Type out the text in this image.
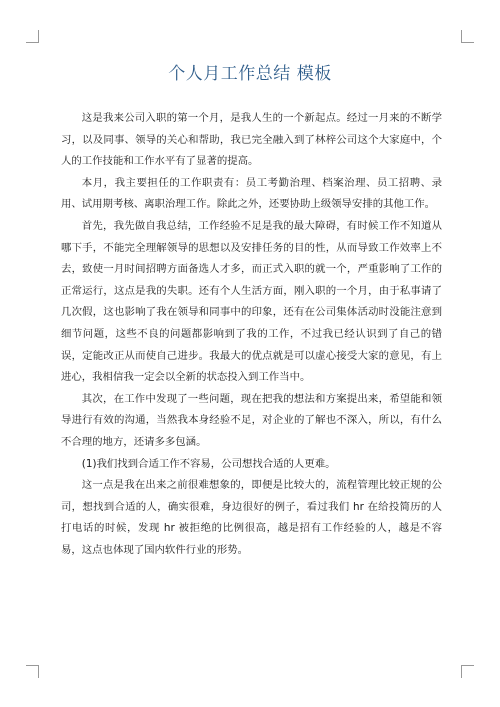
个人月工作总结 模板

这是我来公司入职的第一个月，是我人生的一个新起点。经过一月来的不断学习，以及同事、领导的关心和帮助，我已完全融入到了林梓公司这个大家庭中，个人的工作技能和工作水平有了显著的提高。

本月，我主要担任的工作职责有：员工考勤治理、档案治理、员工招聘、录用、试用期考核、离职治理工作。除此之外，还要协助上级领导安排的其他工作。

首先，我先做自我总结，工作经验不足是我的最大障碍，有时候工作不知道从哪下手，不能完全理解领导的思想以及安排任务的目的性，从而导致工作效率上不去，致使一月时间招聘方面备选人才多，而正式入职的就一个，严重影响了工作的正常运行，这点是我的失职。还有个人生活方面，刚入职的一个月，由于私事请了几次假，这也影响了我在领导和同事中的印象，还有在公司集体活动时没能注意到细节问题，这些不良的问题都影响到了我的工作，不过我已经认识到了自己的错误，定能改正从而使自己进步。我最大的优点就是可以虚心接受大家的意见，有上进心，我相信我一定会以全新的状态投入到工作当中。

其次，在工作中发现了一些问题，现在把我的想法和方案提出来，希望能和领导进行有效的沟通，当然我本身经验不足，对企业的了解也不深入，所以，有什么不合理的地方，还请多多包涵。

(1)我们找到合适工作不容易，公司想找合适的人更难。

这一点是我在出来之前很难想象的，即便是比较大的，流程管理比较正规的公司，想找到合适的人，确实很难，身边很好的例子，看过我们 hr 在给投简历的人打电话的时候，发现 hr 被拒绝的比例很高，越是招有工作经验的人，越是不容易，这点也体现了国内软件行业的形势。
